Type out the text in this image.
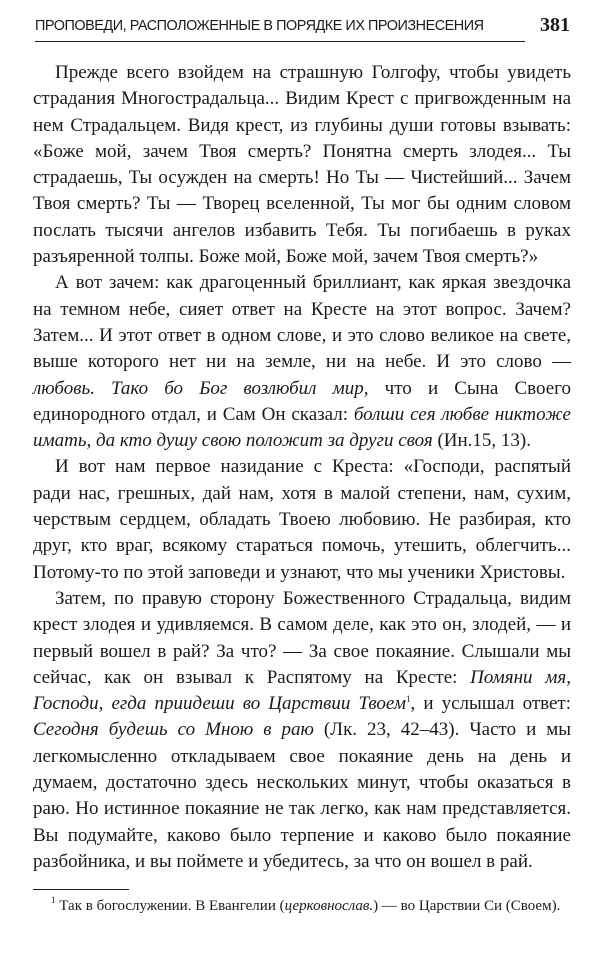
ПРОПОВЕДИ, РАСПОЛОЖЕННЫЕ В ПОРЯДКЕ ИХ ПРОИЗНЕСЕНИЯ	381

Прежде всего взойдем на страшную Голгофу, чтобы увидеть страдания Многострадальца... Видим Крест с пригвожденным на нем Страдальцем. Видя крест, из глубины души готовы взывать: «Боже мой, зачем Твоя смерть? Понятна смерть злодея... Ты страдаешь, Ты осужден на смерть! Но Ты — Чистейший... Зачем Твоя смерть? Ты — Творец вселенной, Ты мог бы одним словом послать тысячи ангелов избавить Тебя. Ты погибаешь в руках разъяренной толпы. Боже мой, Боже мой, зачем Твоя смерть?»

А вот зачем: как драгоценный бриллиант, как яркая звездочка на темном небе, сияет ответ на Кресте на этот вопрос. Зачем? Затем... И этот ответ в одном слове, и это слово великое на свете, выше которого нет ни на земле, ни на небе. И это слово — любовь. Тако бо Бог возлюбил мир, что и Сына Своего единородного отдал, и Сам Он сказал: болши сея любве никтоже имать, да кто душу свою положит за други своя (Ин.15, 13).

И вот нам первое назидание с Креста: «Господи, распятый ради нас, грешных, дай нам, хотя в малой степени, нам, сухим, черствым сердцем, обладать Твоею любовию. Не разбирая, кто друг, кто враг, всякому стараться помочь, утешить, облегчить... Потому-то по этой заповеди и узнают, что мы ученики Христовы.

Затем, по правую сторону Божественного Страдальца, видим крест злодея и удивляемся. В самом деле, как это он, злодей, — и первый вошел в рай? За что? — За свое покаяние. Слышали мы сейчас, как он взывал к Распятому на Кресте: Помяни мя, Господи, егда приидеши во Царствии Твоем$^1$, и услышал ответ: Сегодня будешь со Мною в раю (Лк. 23, 42–43). Часто и мы легкомысленно откладываем свое покаяние день на день и думаем, достаточно здесь нескольких минут, чтобы оказаться в раю. Но истинное покаяние не так легко, как нам представляется. Вы подумайте, каково было терпение и каково было покаяние разбойника, и вы поймете и убедитесь, за что он вошел в рай.

$^1$ Так в богослужении. В Евангелии (церковнослав.) — во Царствии Си (Своем).
